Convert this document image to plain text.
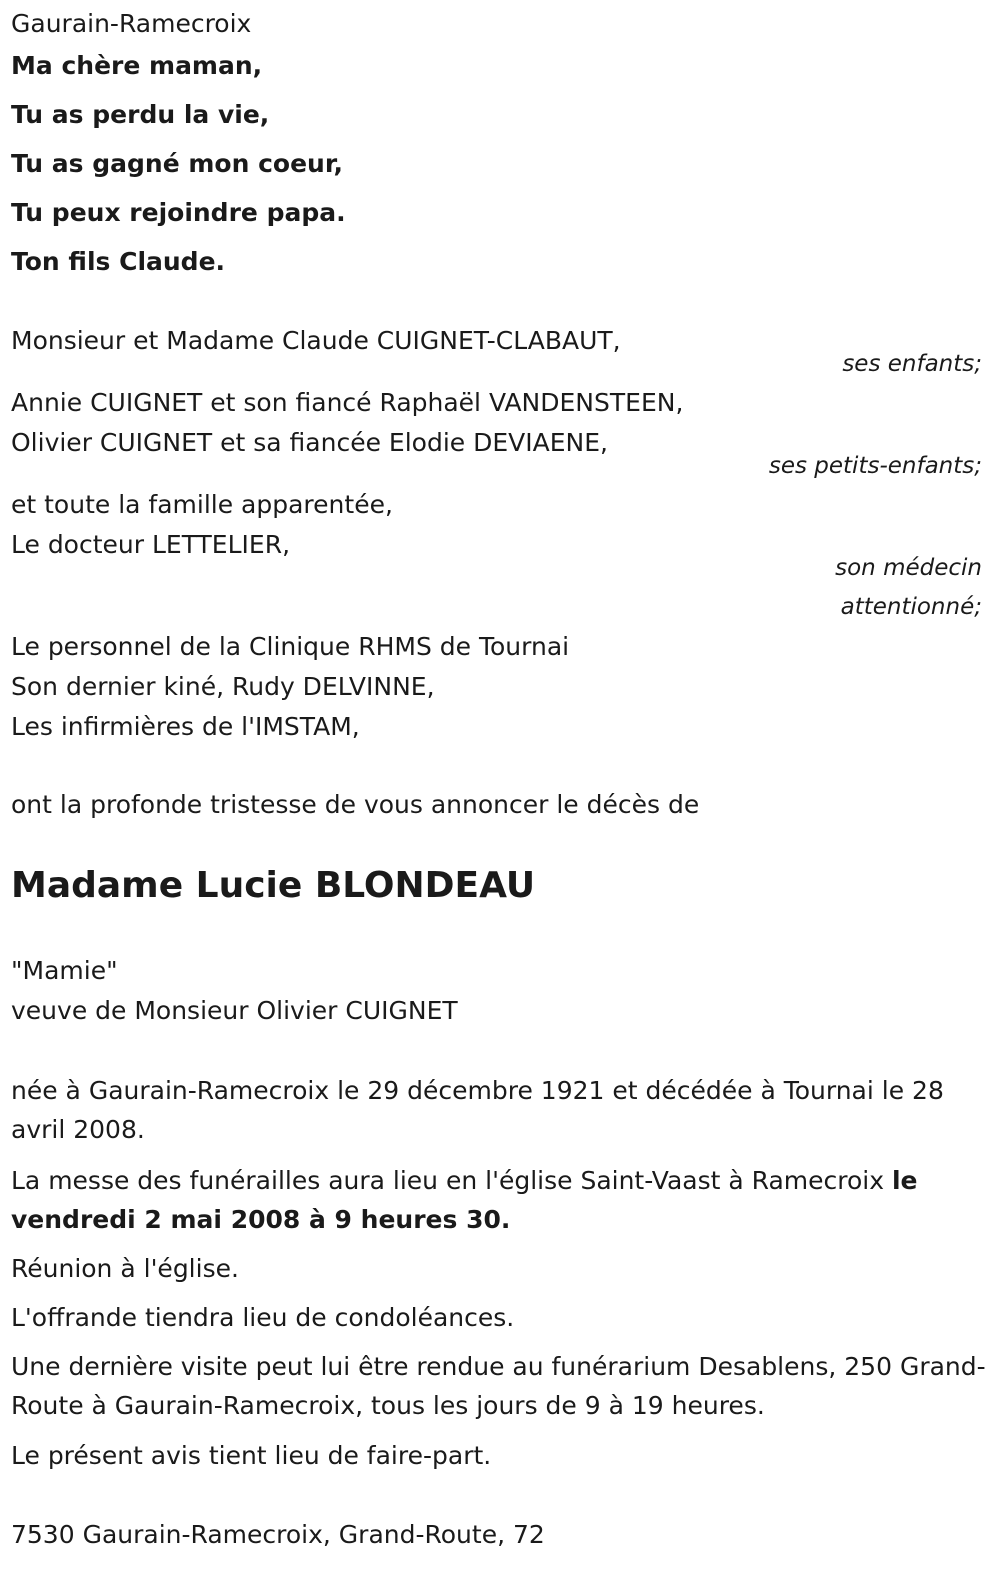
Gaurain-Ramecroix
Ma chère maman,
Tu as perdu la vie,
Tu as gagné mon coeur,
Tu peux rejoindre papa.
Ton fils Claude.
Monsieur et Madame Claude CUIGNET-CLABAUT,
ses enfants;
Annie CUIGNET et son fiancé Raphaël VANDENSTEEN,
Olivier CUIGNET et sa fiancée Elodie DEVIAENE,
ses petits-enfants;
et toute la famille apparentée,
Le docteur LETTELIER,
son médecin
attentionné;
Le personnel de la Clinique RHMS de Tournai
Son dernier kiné, Rudy DELVINNE,
Les infirmières de l'IMSTAM,
ont la profonde tristesse de vous annoncer le décès de
Madame Lucie BLONDEAU
"Mamie"
veuve de Monsieur Olivier CUIGNET
née à Gaurain-Ramecroix le 29 décembre 1921 et décédée à Tournai le 28 avril 2008.
La messe des funérailles aura lieu en l'église Saint-Vaast à Ramecroix le vendredi 2 mai 2008 à 9 heures 30.
Réunion à l'église.
L'offrande tiendra lieu de condoléances.
Une dernière visite peut lui être rendue au funérarium Desablens, 250 Grand-Route à Gaurain-Ramecroix, tous les jours de 9 à 19 heures.
Le présent avis tient lieu de faire-part.
7530 Gaurain-Ramecroix, Grand-Route, 72
